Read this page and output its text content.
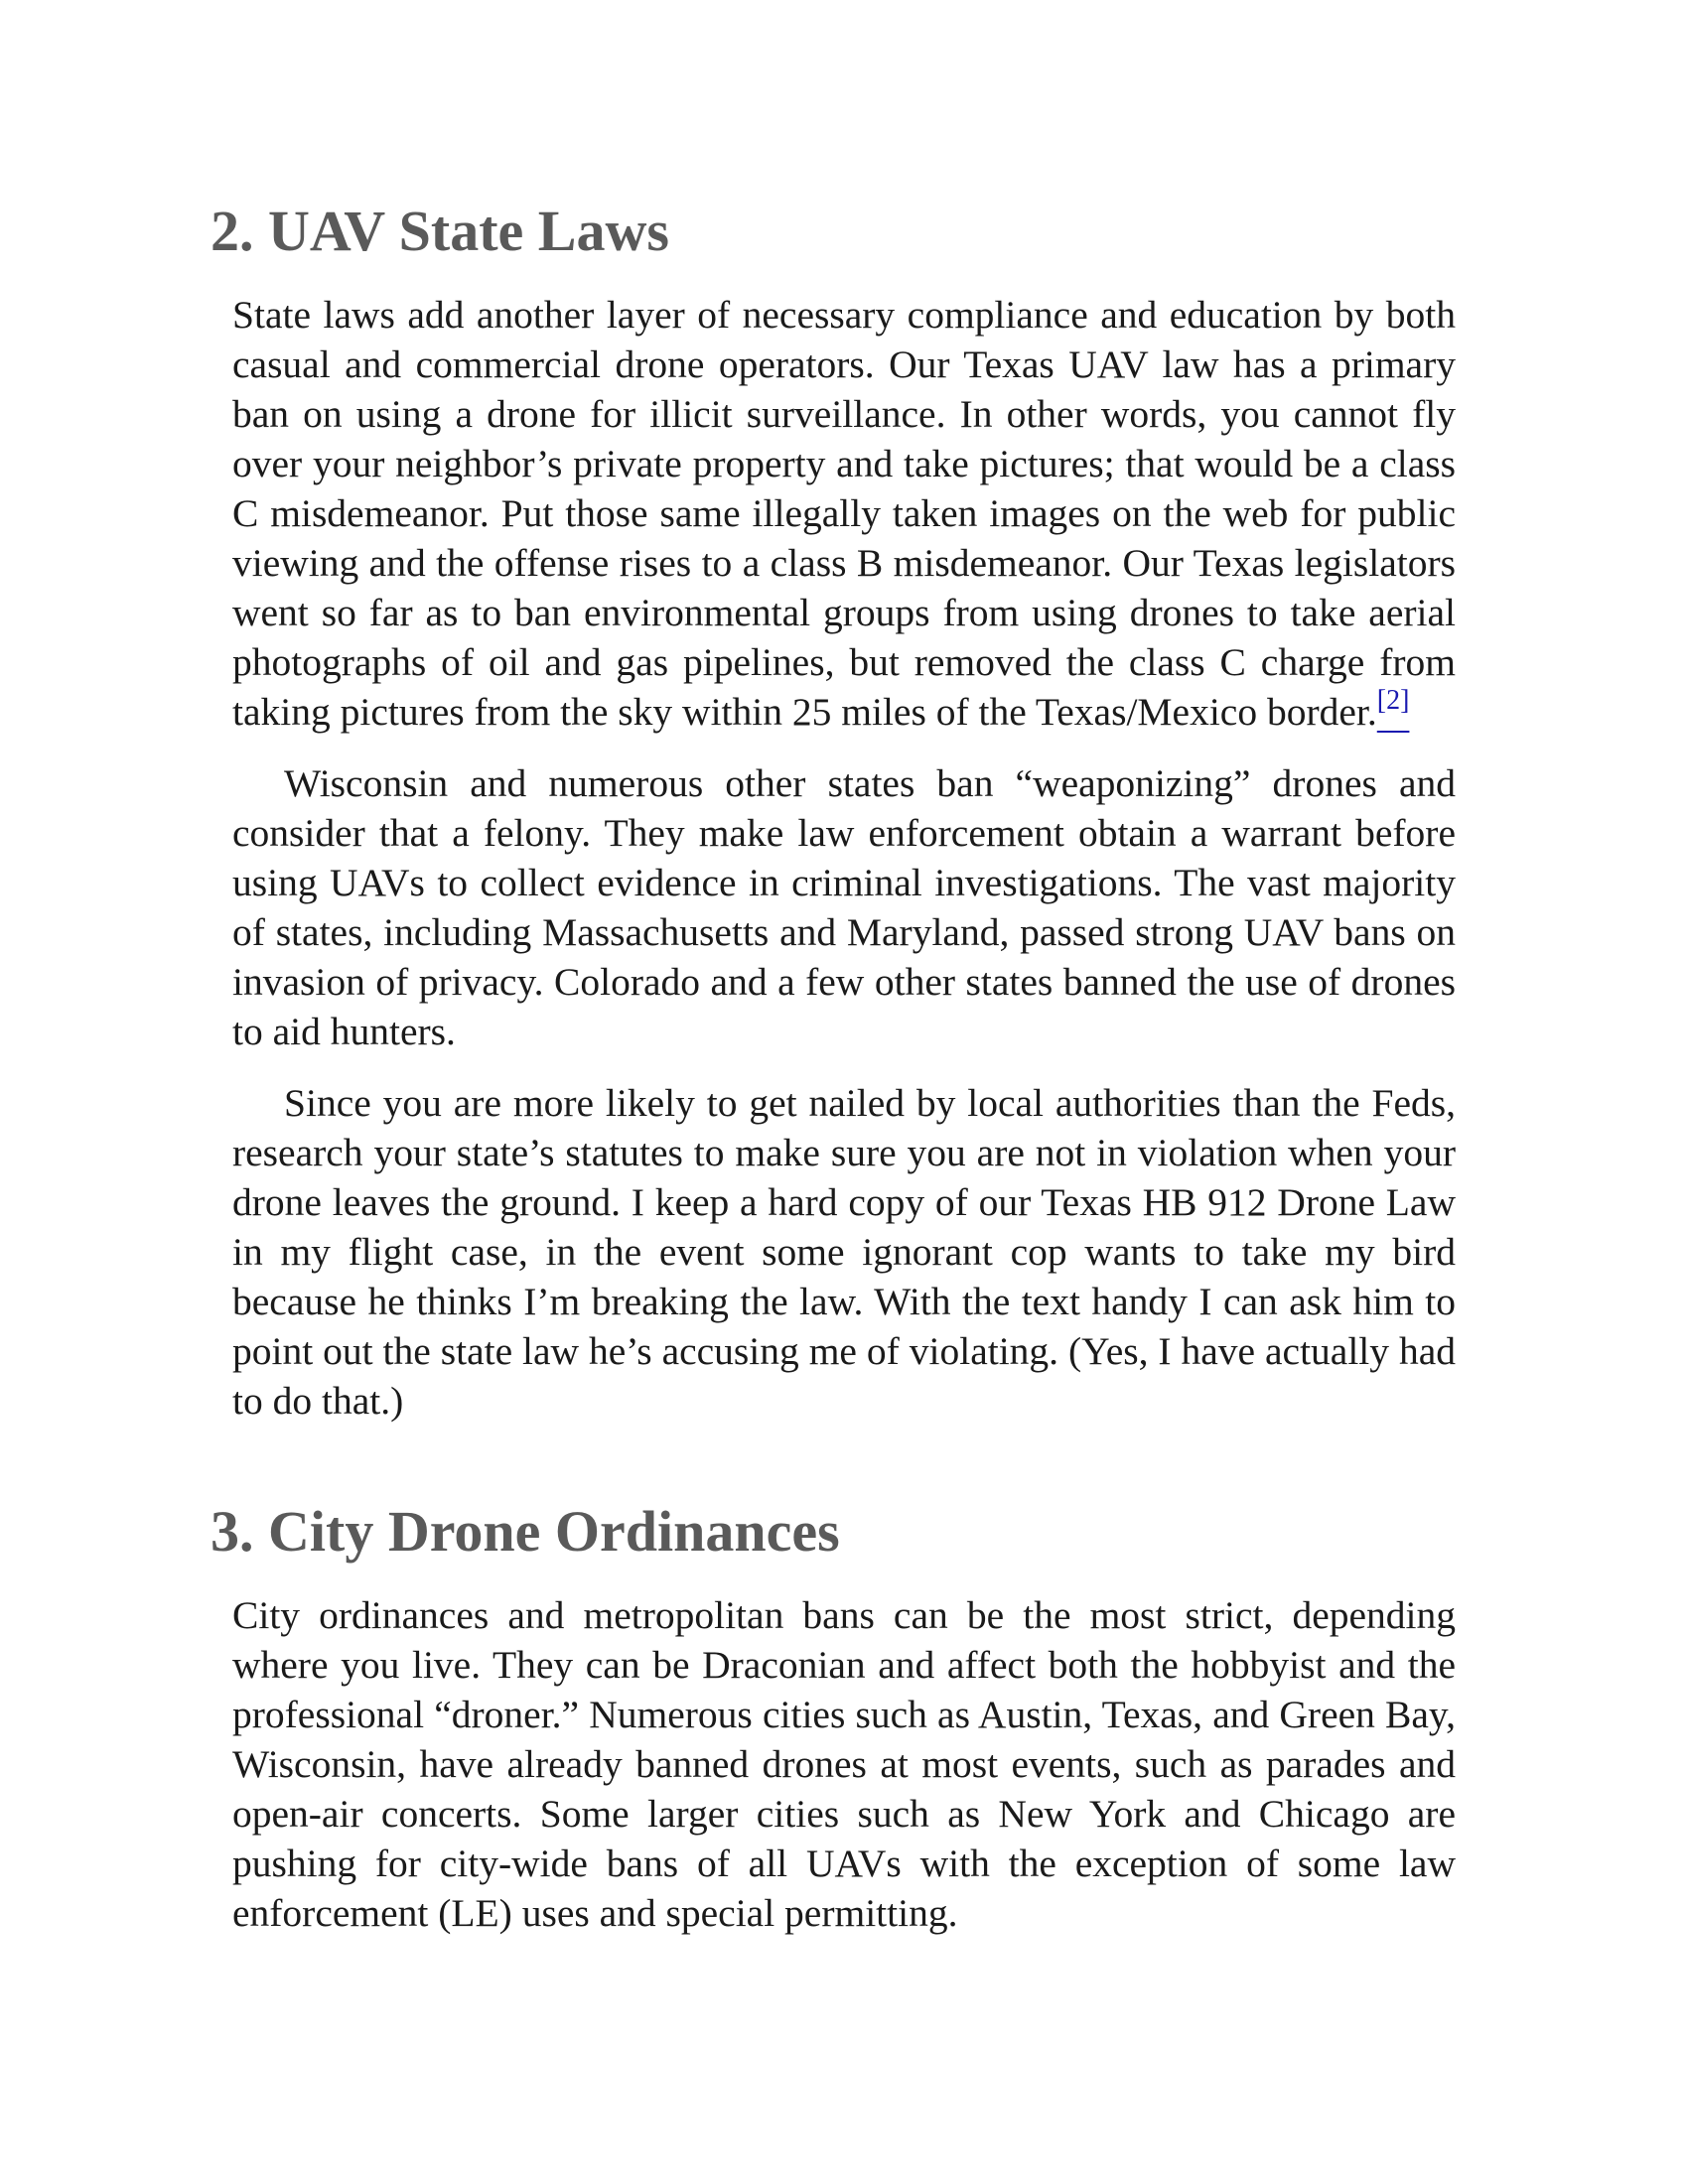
2. UAV State Laws

State laws add another layer of necessary compliance and education by both casual and commercial drone operators. Our Texas UAV law has a primary ban on using a drone for illicit surveillance. In other words, you cannot fly over your neighbor’s private property and take pictures; that would be a class C misdemeanor. Put those same illegally taken images on the web for public viewing and the offense rises to a class B misdemeanor. Our Texas legislators went so far as to ban environmental groups from using drones to take aerial photographs of oil and gas pipelines, but removed the class C charge from taking pictures from the sky within 25 miles of the Texas/Mexico border.[2]

Wisconsin and numerous other states ban “weaponizing” drones and consider that a felony. They make law enforcement obtain a warrant before using UAVs to collect evidence in criminal investigations. The vast majority of states, including Massachusetts and Maryland, passed strong UAV bans on invasion of privacy. Colorado and a few other states banned the use of drones to aid hunters.

Since you are more likely to get nailed by local authorities than the Feds, research your state’s statutes to make sure you are not in violation when your drone leaves the ground. I keep a hard copy of our Texas HB 912 Drone Law in my flight case, in the event some ignorant cop wants to take my bird because he thinks I’m breaking the law. With the text handy I can ask him to point out the state law he’s accusing me of violating. (Yes, I have actually had to do that.)

3. City Drone Ordinances

City ordinances and metropolitan bans can be the most strict, depending where you live. They can be Draconian and affect both the hobbyist and the professional “droner.” Numerous cities such as Austin, Texas, and Green Bay, Wisconsin, have already banned drones at most events, such as parades and open-air concerts. Some larger cities such as New York and Chicago are pushing for city-wide bans of all UAVs with the exception of some law enforcement (LE) uses and special permitting.
